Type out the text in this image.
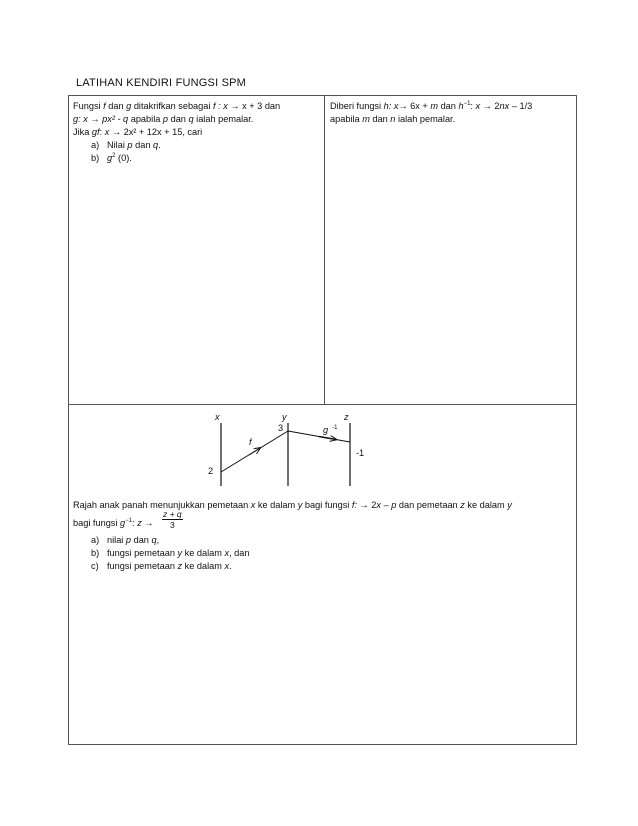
LATIHAN KENDIRI FUNGSI SPM
Fungsi f dan g ditakrifkan sebagai f : x → x + 3 dan
g: x → px² - q apabila p dan q ialah pemalar.
Jika gf: x → 2x² + 12x + 15, cari
a) Nilai p dan q.
b) $g^2$ (0).
Diberi fungsi h: x→ 6x + m dan $h^{-1}$: x → 2nx – 1/3
apabila m dan n ialah pemalar.
x	y	z
3
f
g $^{-1}$
-1
2
Rajah anak panah menunjukkan pemetaan x ke dalam y bagi fungsi f: → 2x – p dan pemetaan z ke dalam y
bagi fungsi $g^{-1}$: $z \to \frac{z + q}{3}$
a) nilai p dan q,
b) fungsi pemetaan y ke dalam x, dan
c) fungsi pemetaan z ke dalam x.
